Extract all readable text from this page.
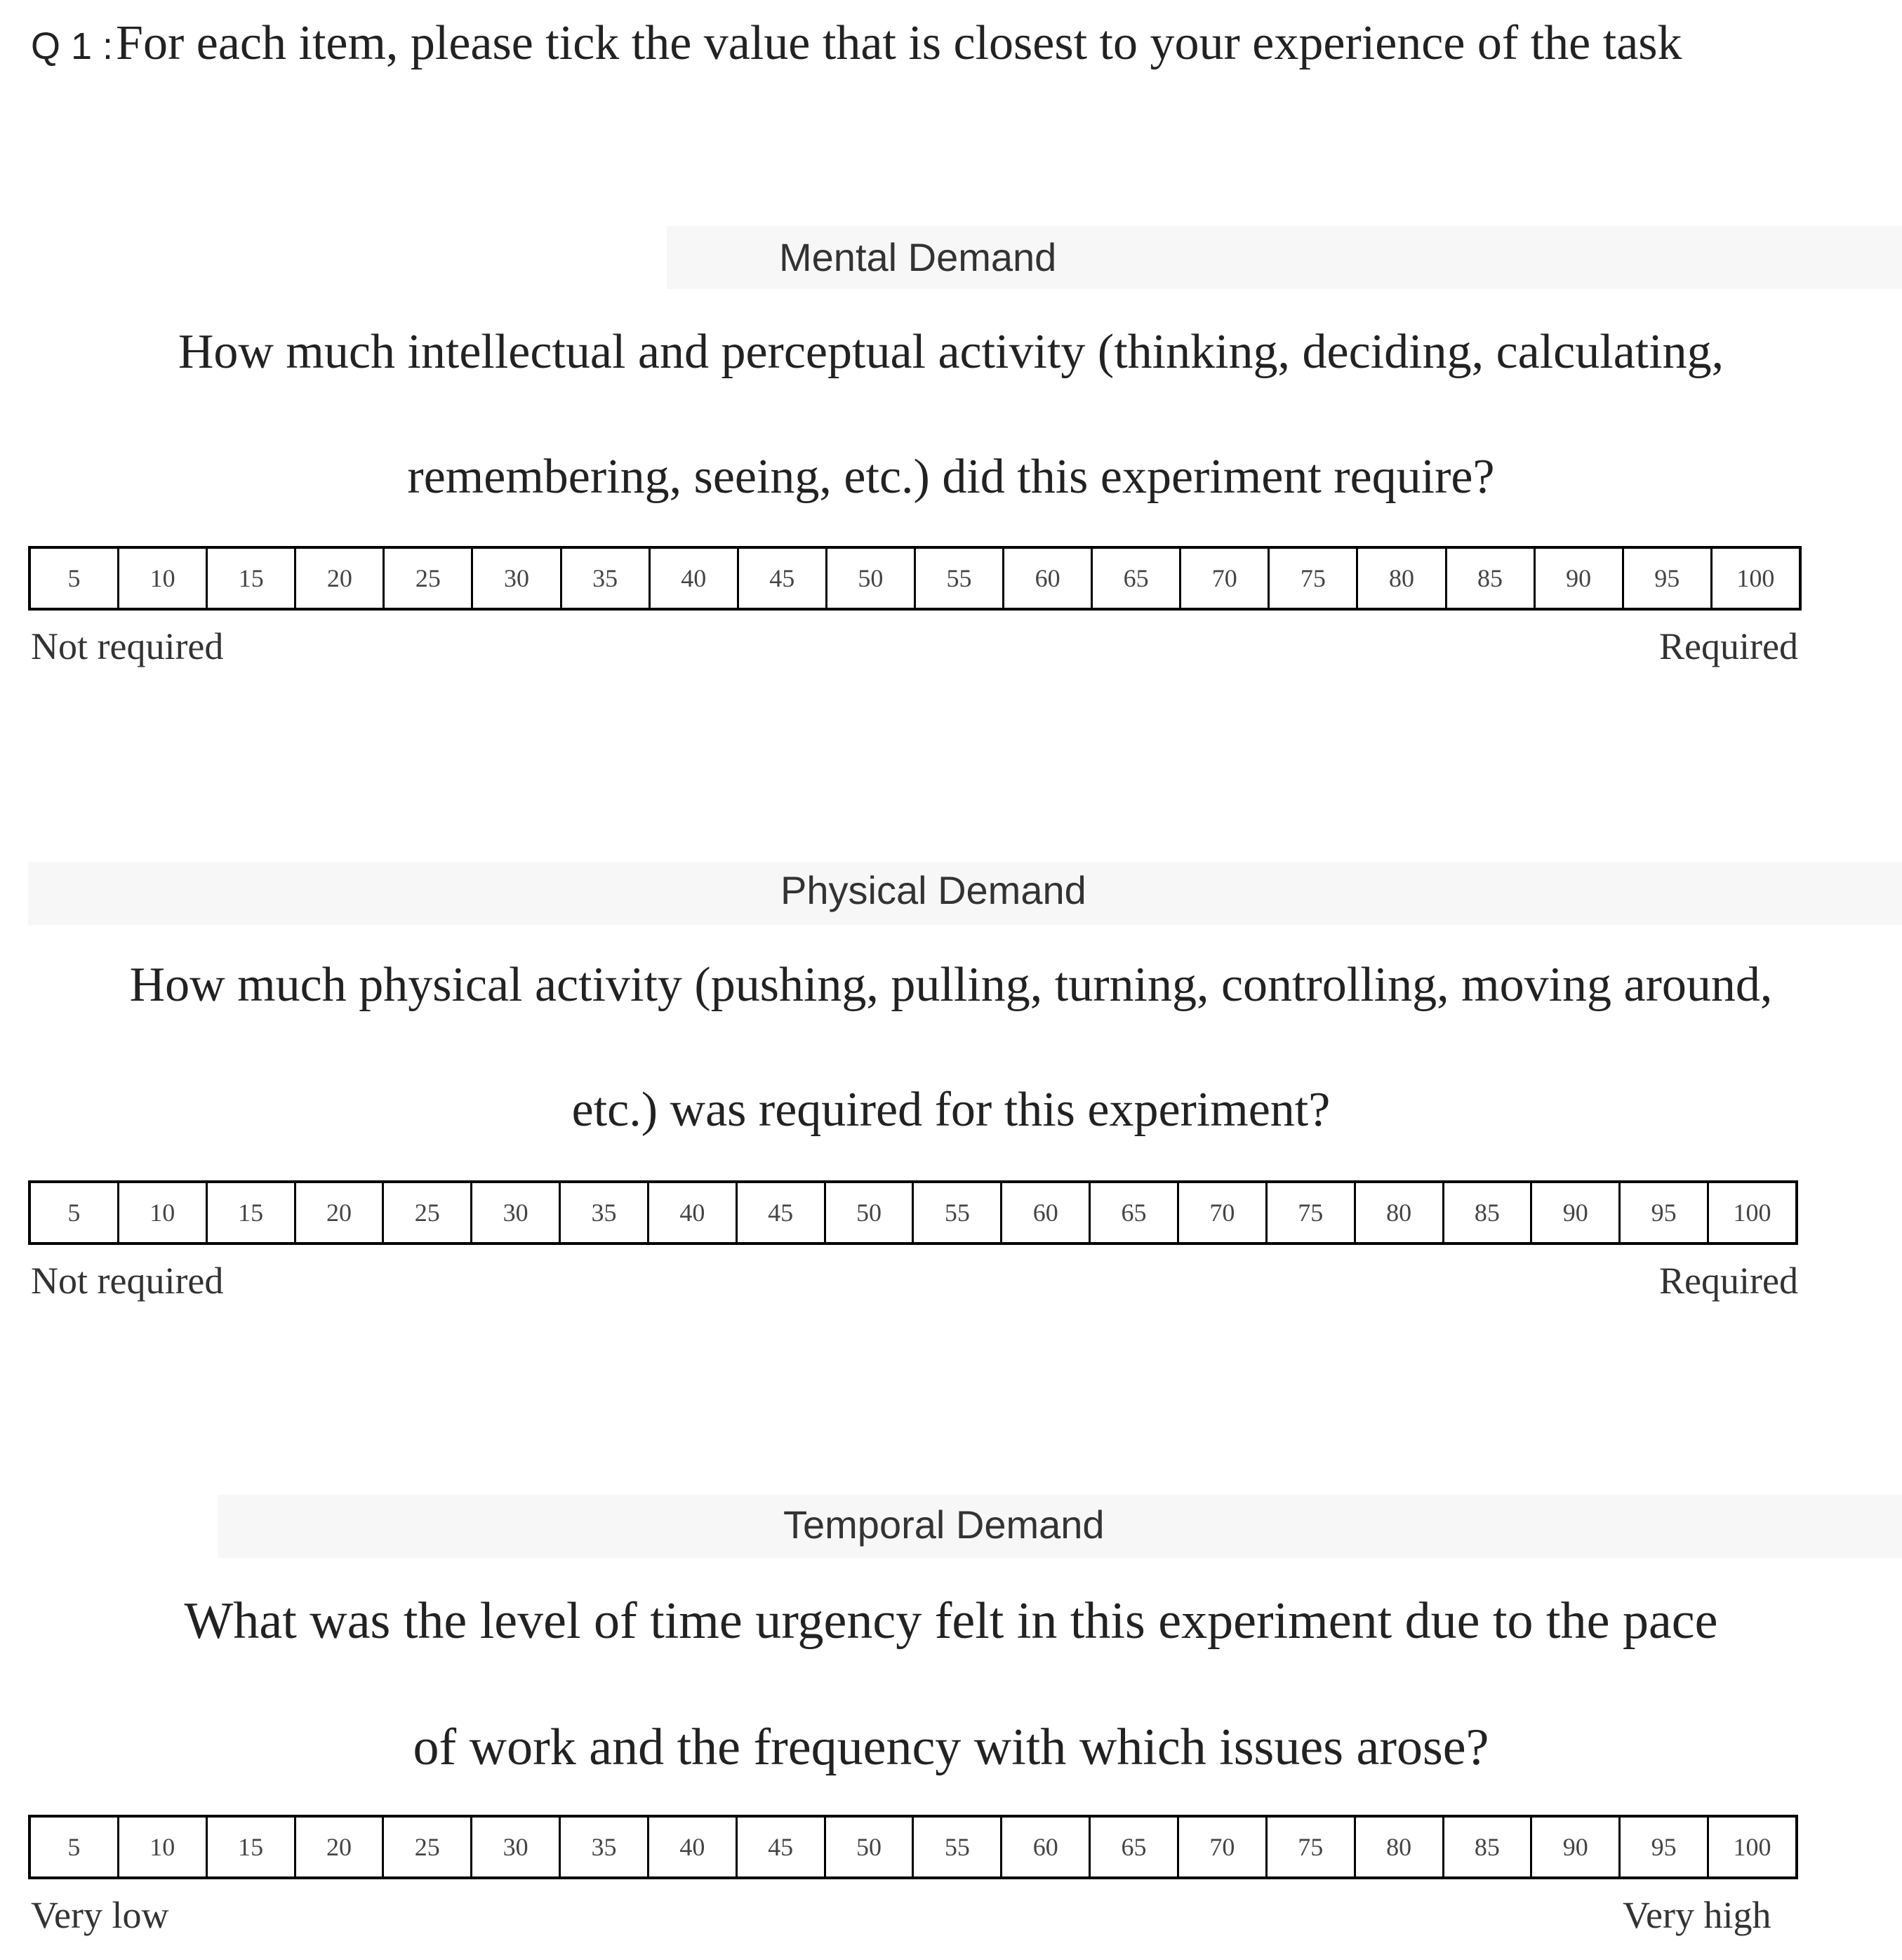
Q 1 : For each item, please tick the value that is closest to your experience of the task
Mental Demand
How much intellectual and perceptual activity (thinking, deciding, calculating,
remembering, seeing, etc.) did this experiment require?
5	10	15	20	25	30	35	40	45	50	55	60	65	70	75	80	85	90	95	100
Not required	Required
Physical Demand
How much physical activity (pushing, pulling, turning, controlling, moving around,
etc.) was required for this experiment?
5	10	15	20	25	30	35	40	45	50	55	60	65	70	75	80	85	90	95	100
Not required	Required
Temporal Demand
What was the level of time urgency felt in this experiment due to the pace
of work and the frequency with which issues arose?
5	10	15	20	25	30	35	40	45	50	55	60	65	70	75	80	85	90	95	100
Very low	Very high
